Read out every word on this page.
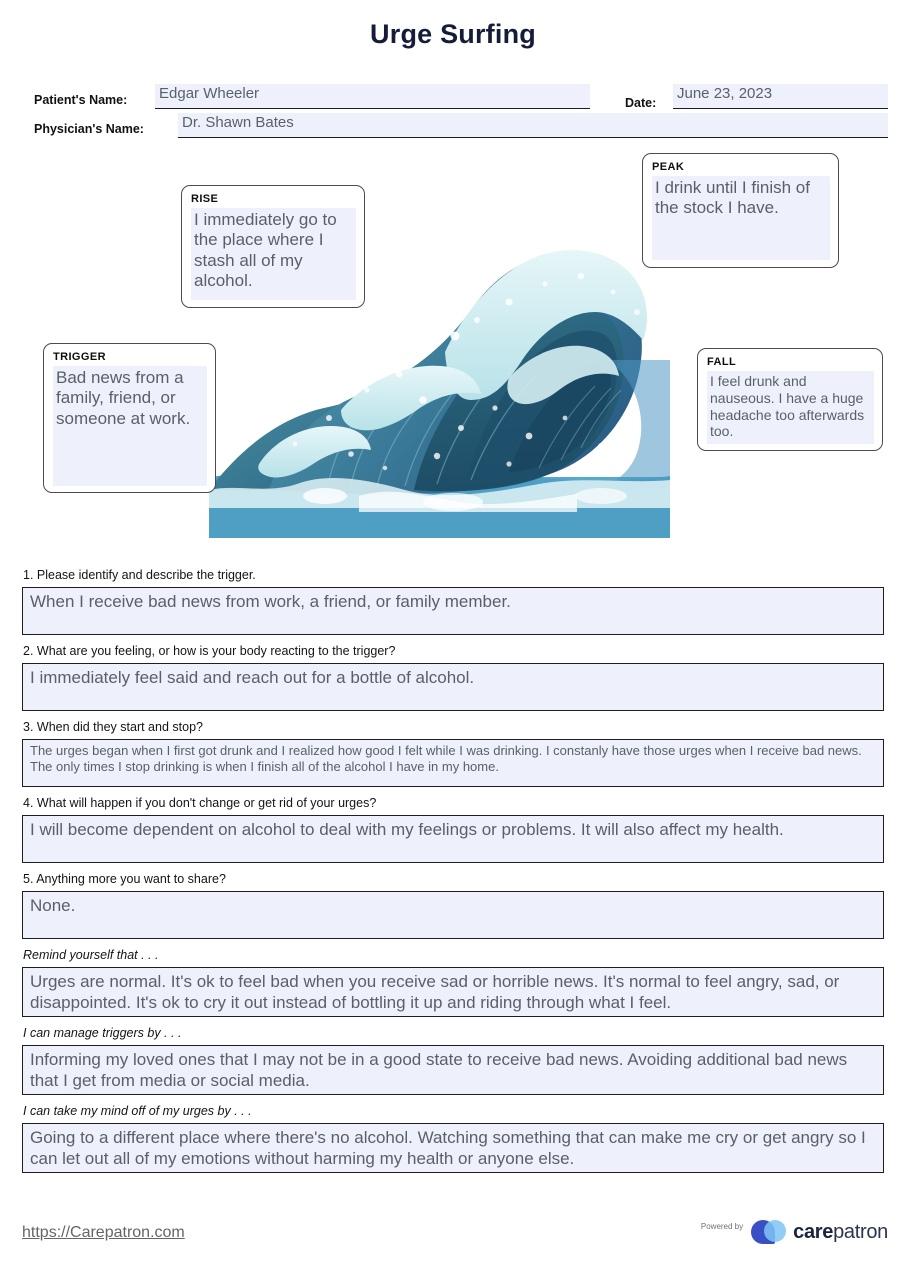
Urge Surfing
Patient's Name: Edgar Wheeler
Physician's Name:	Dr. Shawn Bates
Date:
June 23, 2023
RISE
I immediately go to the place where I stash all of my alcohol.
PEAK
I drink until I finish of the stock I have.
TRIGGER
Bad news from a family, friend, or someone at work.
FALL
I feel drunk and nauseous. I have a huge headache too afterwards too.
1. Please identify and describe the trigger.
When I receive bad news from work, a friend, or family member.
2. What are you feeling, or how is your body reacting to the trigger?
I immediately feel said and reach out for a bottle of alcohol.
3. When did they start and stop?
The urges began when I first got drunk and I realized how good I felt while I was drinking. I constanly have those urges when I receive bad news. The only times I stop drinking is when I finish all of the alcohol I have in my home.
4. What will happen if you don't change or get rid of your urges?
I will become dependent on alcohol to deal with my feelings or problems. It will also affect my health.
5. Anything more you want to share?
None.
Remind yourself that . . .
Urges are normal. It's ok to feel bad when you receive sad or horrible news. It's normal to feel angry, sad, or disappointed. It's ok to cry it out instead of bottling it up and riding through what I feel.
I can manage triggers by . . .
Informing my loved ones that I may not be in a good state to receive bad news. Avoiding additional bad news that I get from media or social media.
I can take my mind off of my urges by . . .
Going to a different place where there's no alcohol. Watching something that can make me cry or get angry so I can let out all of my emotions without harming my health or anyone else.
https://Carepatron.com	Powered by	carepatron
